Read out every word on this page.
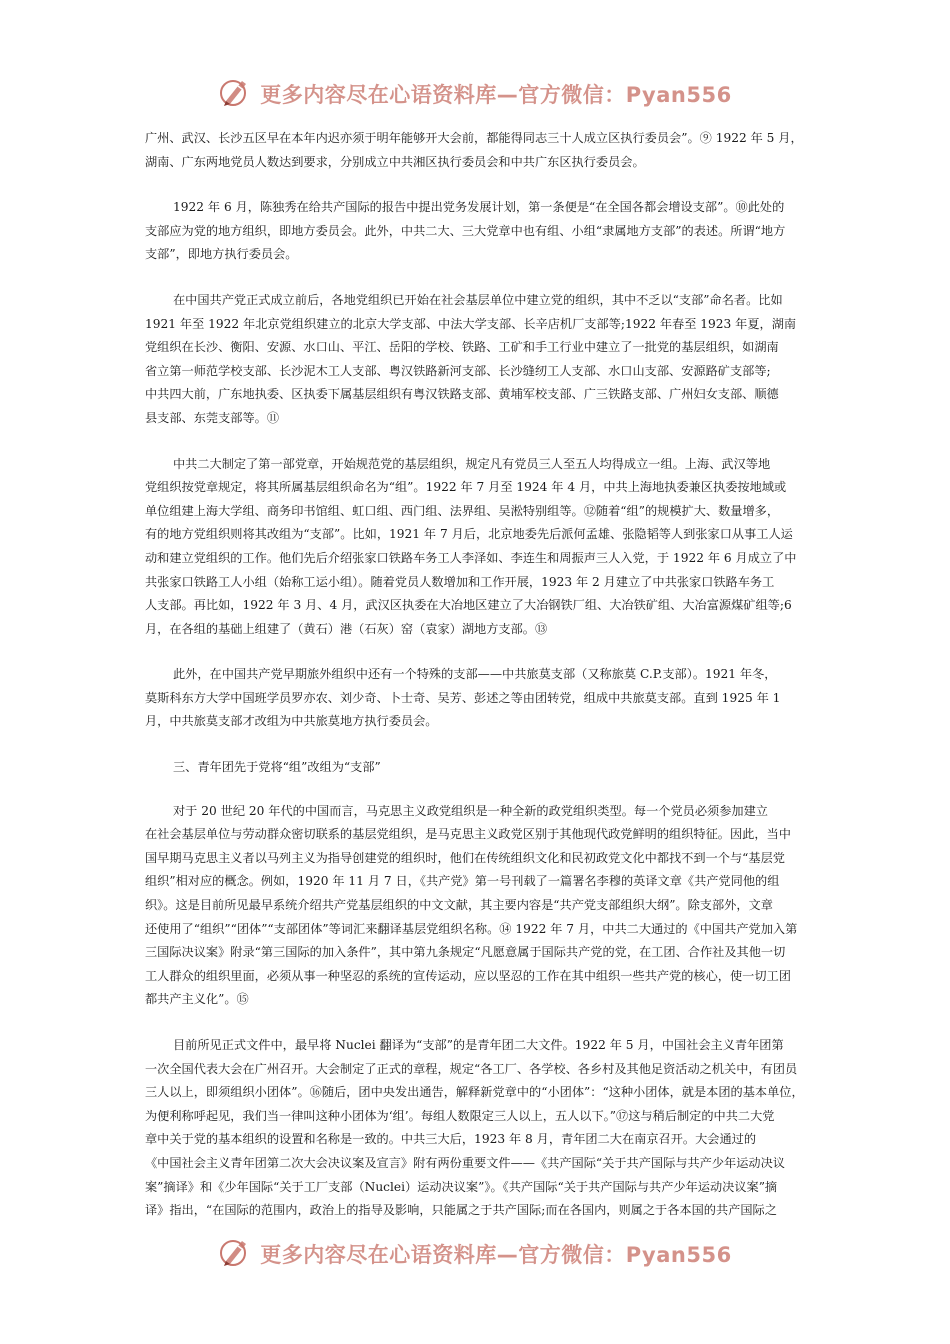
更多内容尽在心语资料库—官方微信：Pyan556
广州、武汉、长沙五区早在本年内迟亦须于明年能够开大会前，都能得同志三十人成立区执行委员会”。⑨ 1922 年 5 月，
湖南、广东两地党员人数达到要求，分别成立中共湘区执行委员会和中共广东区执行委员会。
1922 年 6 月，陈独秀在给共产国际的报告中提出党务发展计划，第一条便是“在全国各都会增设支部”。⑩此处的
支部应为党的地方组织，即地方委员会。此外，中共二大、三大党章中也有组、小组“隶属地方支部”的表述。所谓“地方
支部”，即地方执行委员会。
在中国共产党正式成立前后，各地党组织已开始在社会基层单位中建立党的组织，其中不乏以“支部”命名者。比如
1921 年至 1922 年北京党组织建立的北京大学支部、中法大学支部、长辛店机厂支部等;1922 年春至 1923 年夏，湖南
党组织在长沙、衡阳、安源、水口山、平江、岳阳的学校、铁路、工矿和手工行业中建立了一批党的基层组织，如湖南
省立第一师范学校支部、长沙泥木工人支部、粤汉铁路新河支部、长沙缝纫工人支部、水口山支部、安源路矿支部等;
中共四大前，广东地执委、区执委下属基层组织有粤汉铁路支部、黄埔军校支部、广三铁路支部、广州妇女支部、顺德
县支部、东莞支部等。⑪
中共二大制定了第一部党章，开始规范党的基层组织，规定凡有党员三人至五人均得成立一组。上海、武汉等地
党组织按党章规定，将其所属基层组织命名为“组”。1922 年 7 月至 1924 年 4 月，中共上海地执委兼区执委按地域或
单位组建上海大学组、商务印书馆组、虹口组、西门组、法界组、吴淞特别组等。⑫随着“组”的规模扩大、数量增多，
有的地方党组织则将其改组为“支部”。比如，1921 年 7 月后，北京地委先后派何孟雄、张隐韬等人到张家口从事工人运
动和建立党组织的工作。他们先后介绍张家口铁路车务工人李泽如、李连生和周振声三人入党，于 1922 年 6 月成立了中
共张家口铁路工人小组（始称工运小组）。随着党员人数增加和工作开展，1923 年 2 月建立了中共张家口铁路车务工
人支部。再比如，1922 年 3 月、4 月，武汉区执委在大冶地区建立了大冶钢铁厂组、大冶铁矿组、大冶富源煤矿组等;6
月，在各组的基础上组建了（黄石）港（石灰）窑（袁家）湖地方支部。⑬
此外，在中国共产党早期旅外组织中还有一个特殊的支部——中共旅莫支部（又称旅莫 C.P.支部）。1921 年冬，
莫斯科东方大学中国班学员罗亦农、刘少奇、卜士奇、吴芳、彭述之等由团转党，组成中共旅莫支部。直到 1925 年 1
月，中共旅莫支部才改组为中共旅莫地方执行委员会。
三、青年团先于党将“组”改组为“支部”
对于 20 世纪 20 年代的中国而言，马克思主义政党组织是一种全新的政党组织类型。每一个党员必须参加建立
在社会基层单位与劳动群众密切联系的基层党组织，是马克思主义政党区别于其他现代政党鲜明的组织特征。因此，当中
国早期马克思主义者以马列主义为指导创建党的组织时，他们在传统组织文化和民初政党文化中都找不到一个与“基层党
组织”相对应的概念。例如，1920 年 11 月 7 日，《共产党》第一号刊载了一篇署名李穆的英译文章《共产党同他的组
织》。这是目前所见最早系统介绍共产党基层组织的中文文献，其主要内容是“共产党支部组织大纲”。除支部外，文章
还使用了“组织”“团体”“支部团体”等词汇来翻译基层党组织名称。⑭ 1922 年 7 月，中共二大通过的《中国共产党加入第
三国际决议案》附录“第三国际的加入条件”，其中第九条规定“凡愿意属于国际共产党的党，在工团、合作社及其他一切
工人群众的组织里面，必须从事一种坚忍的系统的宣传运动，应以坚忍的工作在其中组织一些共产党的核心，使一切工团
都共产主义化”。⑮
目前所见正式文件中，最早将 Nuclei 翻译为“支部”的是青年团二大文件。1922 年 5 月，中国社会主义青年团第
一次全国代表大会在广州召开。大会制定了正式的章程，规定“各工厂、各学校、各乡村及其他足资活动之机关中，有团员
三人以上，即须组织小团体”。⑯随后，团中央发出通告，解释新党章中的“小团体”：“这种小团体，就是本团的基本单位，
为便利称呼起见，我们当一律叫这种小团体为‘组’。每组人数限定三人以上，五人以下。”⑰这与稍后制定的中共二大党
章中关于党的基本组织的设置和名称是一致的。中共三大后，1923 年 8 月，青年团二大在南京召开。大会通过的
《中国社会主义青年团第二次大会决议案及宣言》附有两份重要文件——《共产国际“关于共产国际与共产少年运动决议
案”摘译》和《少年国际“关于工厂支部（Nuclei）运动决议案”》。《共产国际“关于共产国际与共产少年运动决议案”摘
译》指出，“在国际的范围内，政治上的指导及影响，只能属之于共产国际;而在各国内，则属之于各本国的共产国际之
更多内容尽在心语资料库—官方微信：Pyan556
